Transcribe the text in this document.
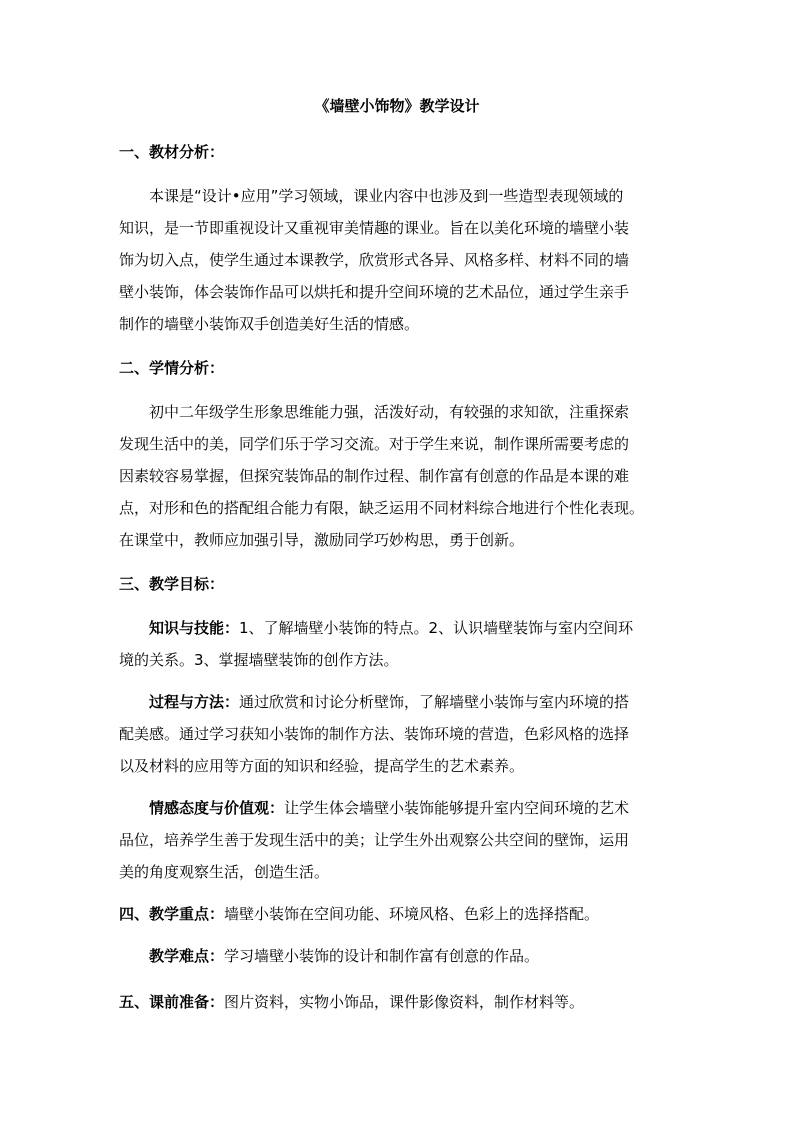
《墙壁小饰物》教学设计
一、教材分析：
本课是“设计•应用”学习领域，课业内容中也涉及到一些造型表现领域的
知识，是一节即重视设计又重视审美情趣的课业。旨在以美化环境的墙壁小装
饰为切入点，使学生通过本课教学，欣赏形式各异、风格多样、材料不同的墙
壁小装饰，体会装饰作品可以烘托和提升空间环境的艺术品位，通过学生亲手
制作的墙壁小装饰双手创造美好生活的情感。
二、学情分析：
初中二年级学生形象思维能力强，活泼好动，有较强的求知欲，注重探索
发现生活中的美，同学们乐于学习交流。对于学生来说，制作课所需要考虑的
因素较容易掌握，但探究装饰品的制作过程、制作富有创意的作品是本课的难
点，对形和色的搭配组合能力有限，缺乏运用不同材料综合地进行个性化表现。
在课堂中，教师应加强引导，激励同学巧妙构思，勇于创新。
三、教学目标：
知识与技能：1、了解墙壁小装饰的特点。2、认识墙壁装饰与室内空间环
境的关系。3、掌握墙壁装饰的创作方法。
过程与方法：通过欣赏和讨论分析壁饰，了解墙壁小装饰与室内环境的搭
配美感。通过学习获知小装饰的制作方法、装饰环境的营造，色彩风格的选择
以及材料的应用等方面的知识和经验，提高学生的艺术素养。
情感态度与价值观：让学生体会墙壁小装饰能够提升室内空间环境的艺术
品位，培养学生善于发现生活中的美；让学生外出观察公共空间的壁饰，运用
美的角度观察生活，创造生活。
四、教学重点：墙壁小装饰在空间功能、环境风格、色彩上的选择搭配。
教学难点：学习墙壁小装饰的设计和制作富有创意的作品。
五、课前准备：图片资料，实物小饰品，课件影像资料，制作材料等。
